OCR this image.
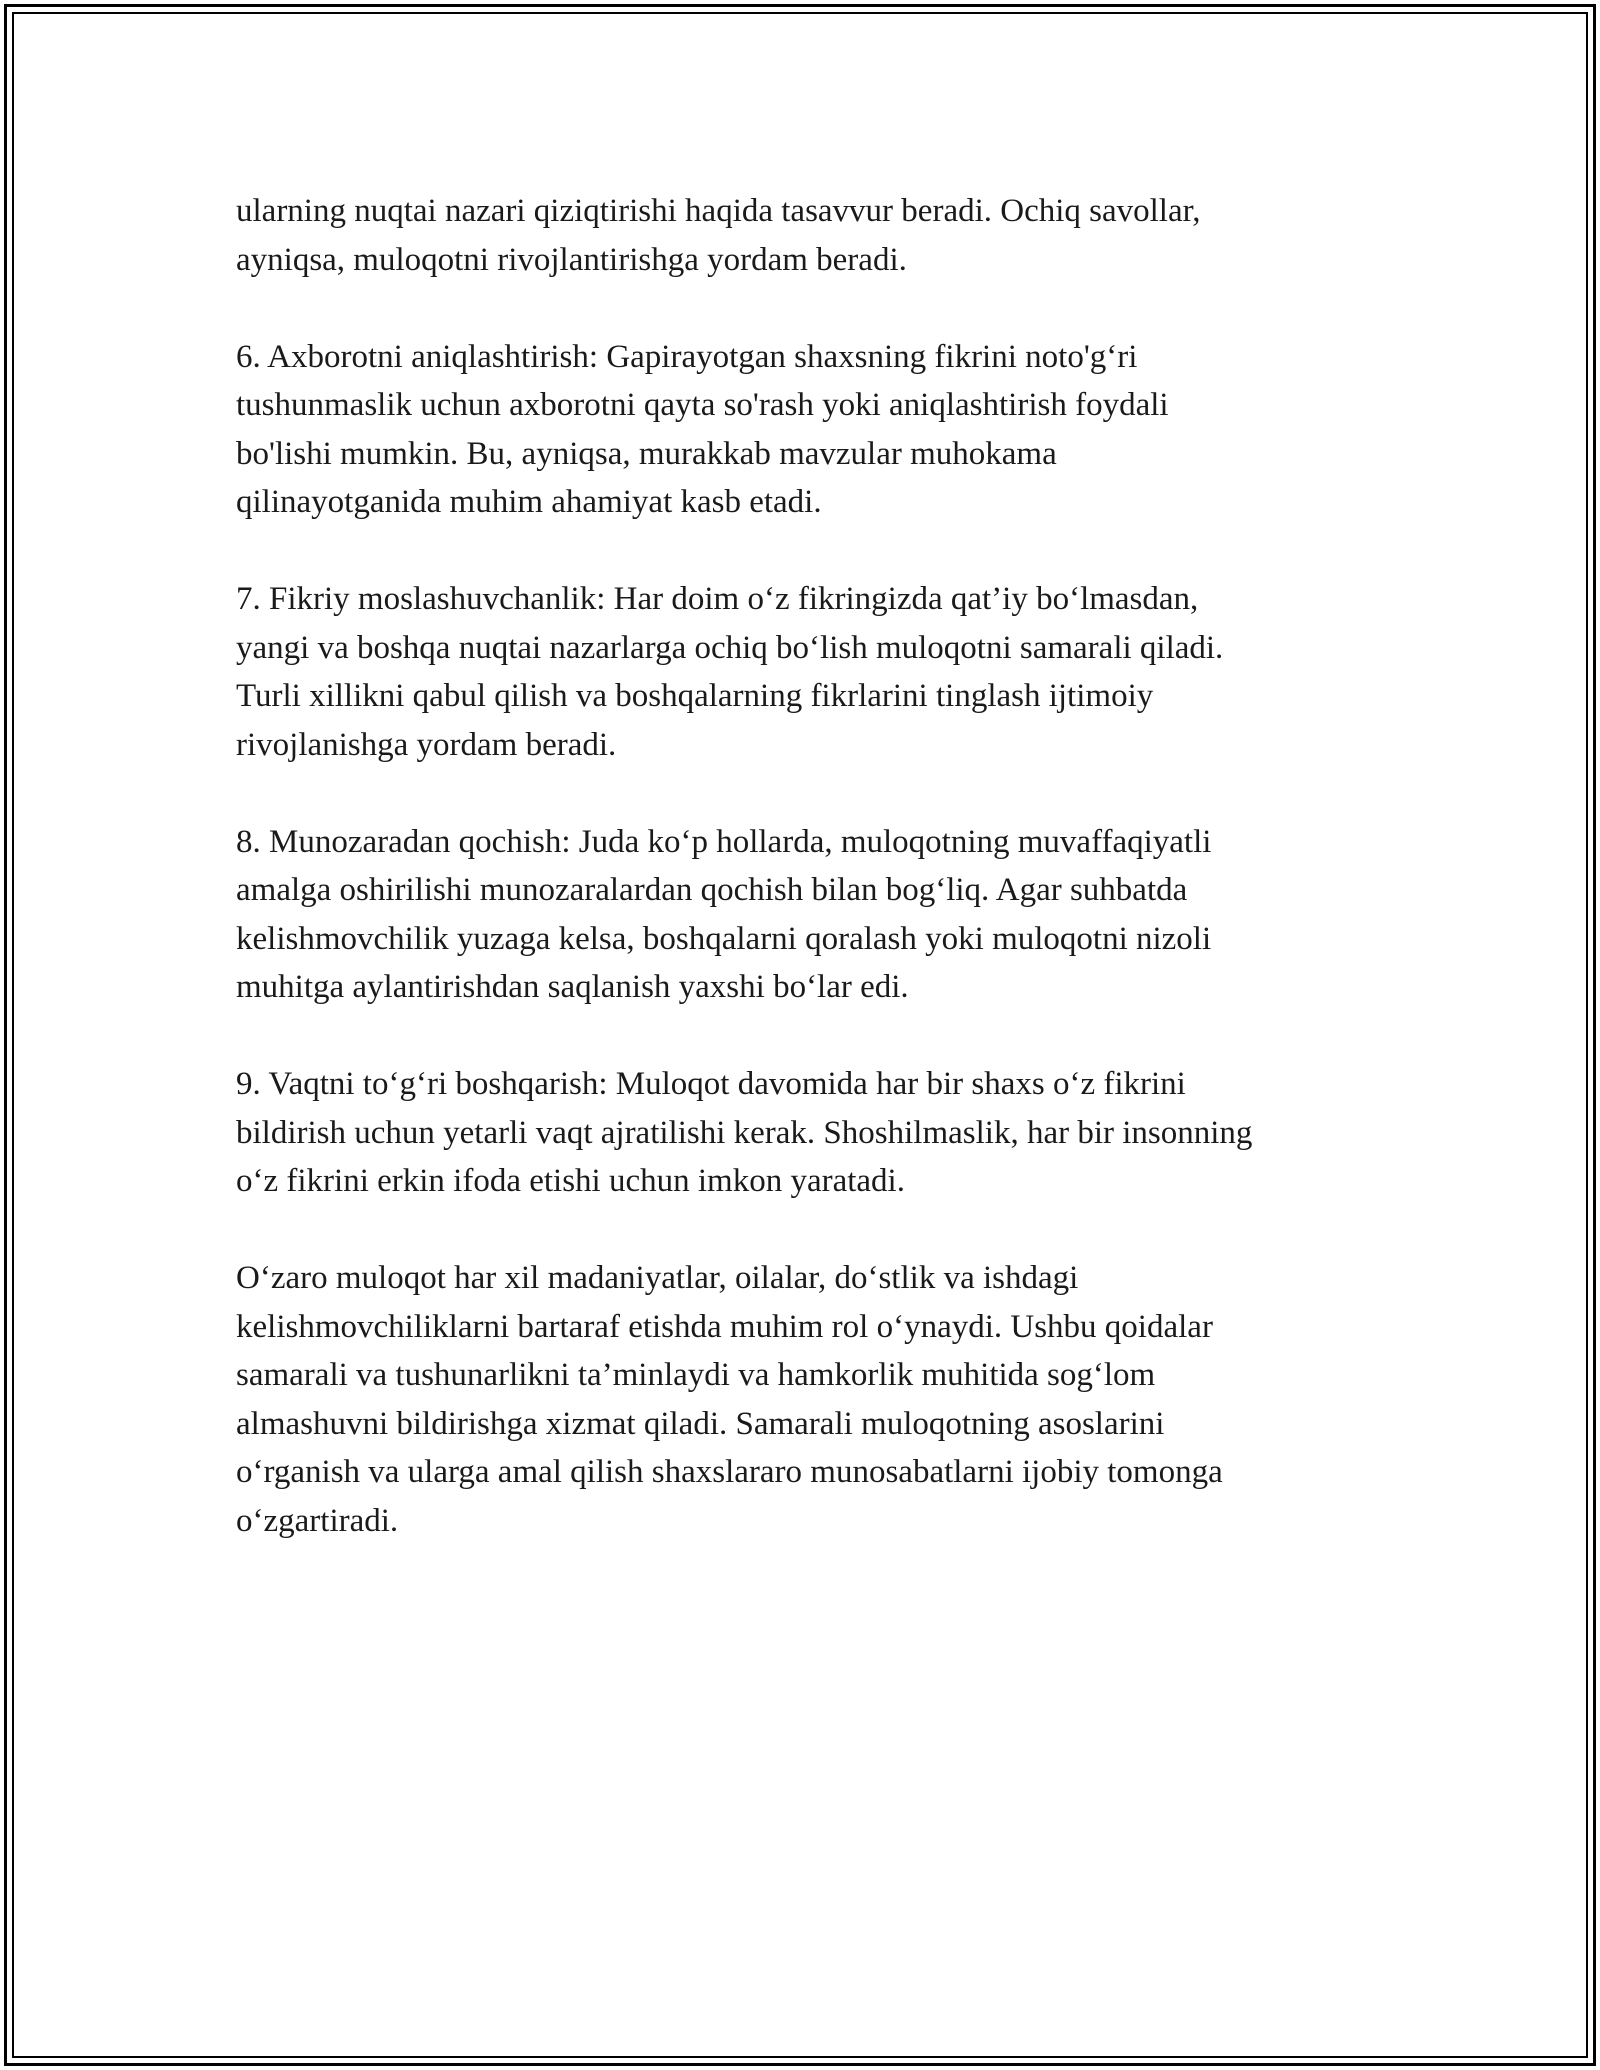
ularning nuqtai nazari qiziqtirishi haqida tasavvur beradi. Ochiq savollar,
ayniqsa, muloqotni rivojlantirishga yordam beradi.

6. Axborotni aniqlashtirish: Gapirayotgan shaxsning fikrini noto'g‘ri
tushunmaslik uchun axborotni qayta so'rash yoki aniqlashtirish foydali
bo'lishi mumkin. Bu, ayniqsa, murakkab mavzular muhokama
qilinayotganida muhim ahamiyat kasb etadi.

7. Fikriy moslashuvchanlik: Har doim o‘z fikringizda qat’iy bo‘lmasdan,
yangi va boshqa nuqtai nazarlarga ochiq bo‘lish muloqotni samarali qiladi.
Turli xillikni qabul qilish va boshqalarning fikrlarini tinglash ijtimoiy
rivojlanishga yordam beradi.

8. Munozaradan qochish: Juda ko‘p hollarda, muloqotning muvaffaqiyatli
amalga oshirilishi munozaralardan qochish bilan bog‘liq. Agar suhbatda
kelishmovchilik yuzaga kelsa, boshqalarni qoralash yoki muloqotni nizoli
muhitga aylantirishdan saqlanish yaxshi bo‘lar edi.

9. Vaqtni to‘g‘ri boshqarish: Muloqot davomida har bir shaxs o‘z fikrini
bildirish uchun yetarli vaqt ajratilishi kerak. Shoshilmaslik, har bir insonning
o‘z fikrini erkin ifoda etishi uchun imkon yaratadi.

O‘zaro muloqot har xil madaniyatlar, oilalar, do‘stlik va ishdagi
kelishmovchiliklarni bartaraf etishda muhim rol o‘ynaydi. Ushbu qoidalar
samarali va tushunarlikni ta’minlaydi va hamkorlik muhitida sog‘lom
almashuvni bildirishga xizmat qiladi. Samarali muloqotning asoslarini
o‘rganish va ularga amal qilish shaxslararo munosabatlarni ijobiy tomonga
o‘zgartiradi.
